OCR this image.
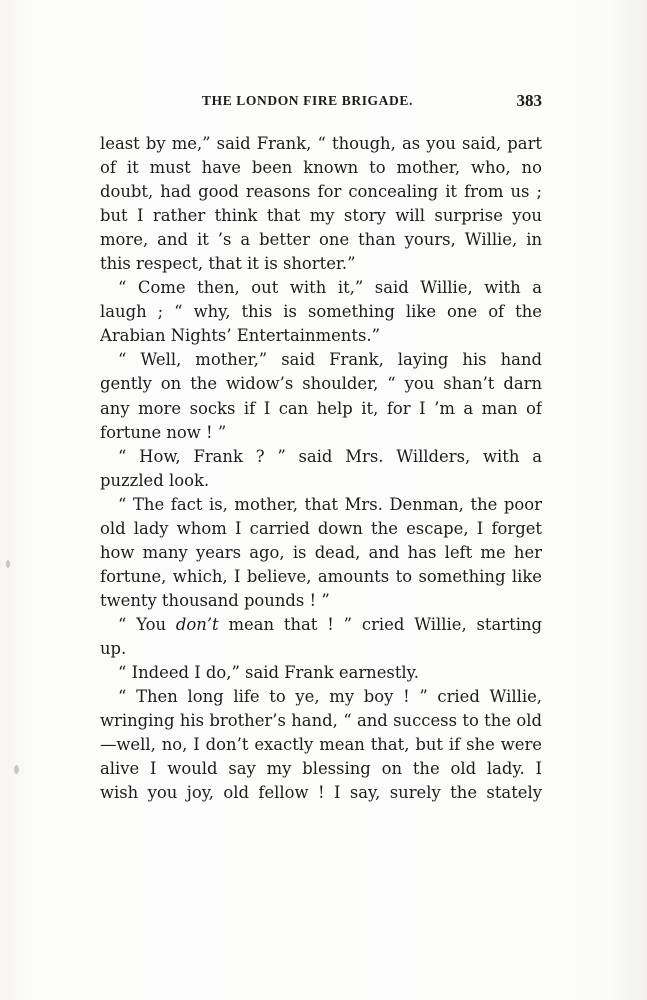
THE LONDON FIRE BRIGADE.	383
least by me,” said Frank, “ though, as you said, part
of it must have been known to mother, who, no
doubt, had good reasons for concealing it from us ;
but I rather think that my story will surprise you
more, and it ’s a better one than yours, Willie, in
this respect, that it is shorter.”
“ Come then, out with it,” said Willie, with a
laugh ; “ why, this is something like one of the
Arabian Nights’ Entertainments.”
“ Well, mother,” said Frank, laying his hand
gently on the widow’s shoulder, “ you shan’t darn
any more socks if I can help it, for I ’m a man of
fortune now ! ”
“ How, Frank ? ” said Mrs. Willders, with a
puzzled look.
“ The fact is, mother, that Mrs. Denman, the poor
old lady whom I carried down the escape, I forget
how many years ago, is dead, and has left me her
fortune, which, I believe, amounts to something like
twenty thousand pounds ! ”
“ You don’t mean that ! ” cried Willie, starting
up.
“ Indeed I do,” said Frank earnestly.
“ Then long life to ye, my boy ! ” cried Willie,
wringing his brother’s hand, “ and success to the old
—well, no, I don’t exactly mean that, but if she were
alive I would say my blessing on the old lady. I
wish you joy, old fellow ! I say, surely the stately
